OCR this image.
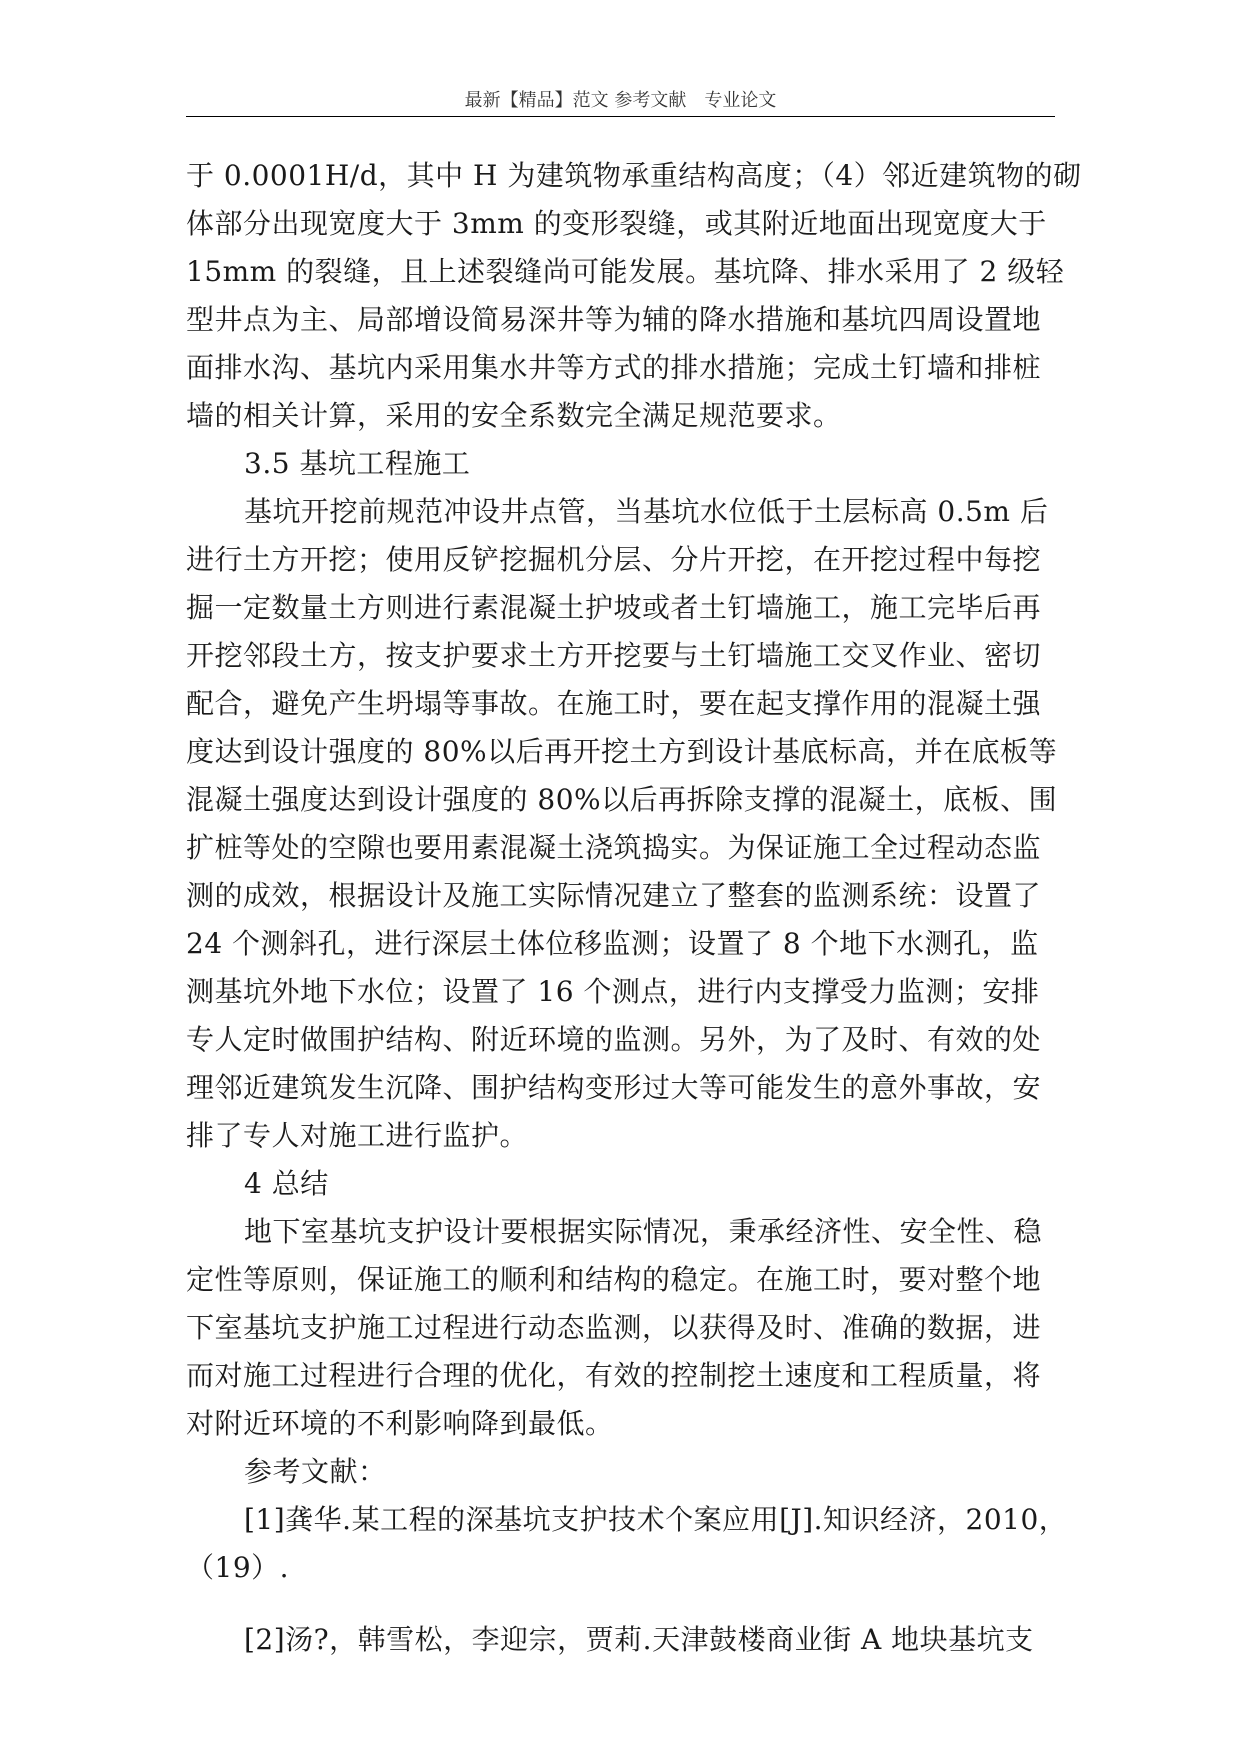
最新【精品】范文 参考文献　专业论文
于 0.0001H/d，其中 H 为建筑物承重结构高度；（4）邻近建筑物的砌
体部分出现宽度大于 3mm 的变形裂缝，或其附近地面出现宽度大于
15mm 的裂缝，且上述裂缝尚可能发展。基坑降、排水采用了 2 级轻
型井点为主、局部增设简易深井等为辅的降水措施和基坑四周设置地
面排水沟、基坑内采用集水井等方式的排水措施；完成土钉墙和排桩
墙的相关计算，采用的安全系数完全满足规范要求。
3.5 基坑工程施工
基坑开挖前规范冲设井点管，当基坑水位低于土层标高 0.5m 后
进行土方开挖；使用反铲挖掘机分层、分片开挖，在开挖过程中每挖
掘一定数量土方则进行素混凝土护坡或者土钉墙施工，施工完毕后再
开挖邻段土方，按支护要求土方开挖要与土钉墙施工交叉作业、密切
配合，避免产生坍塌等事故。在施工时，要在起支撑作用的混凝土强
度达到设计强度的 80%以后再开挖土方到设计基底标高，并在底板等
混凝土强度达到设计强度的 80%以后再拆除支撑的混凝土，底板、围
扩桩等处的空隙也要用素混凝土浇筑捣实。为保证施工全过程动态监
测的成效，根据设计及施工实际情况建立了整套的监测系统：设置了
24 个测斜孔，进行深层土体位移监测；设置了 8 个地下水测孔，监
测基坑外地下水位；设置了 16 个测点，进行内支撑受力监测；安排
专人定时做围护结构、附近环境的监测。另外，为了及时、有效的处
理邻近建筑发生沉降、围护结构变形过大等可能发生的意外事故，安
排了专人对施工进行监护。
4 总结
地下室基坑支护设计要根据实际情况，秉承经济性、安全性、稳
定性等原则，保证施工的顺利和结构的稳定。在施工时，要对整个地
下室基坑支护施工过程进行动态监测，以获得及时、准确的数据，进
而对施工过程进行合理的优化，有效的控制挖土速度和工程质量，将
对附近环境的不利影响降到最低。
参考文献：
[1]龚华.某工程的深基坑支护技术个案应用[J].知识经济，2010，
（19）.
[2]汤?，韩雪松，李迎宗，贾莉.天津鼓楼商业街 A 地块基坑支
